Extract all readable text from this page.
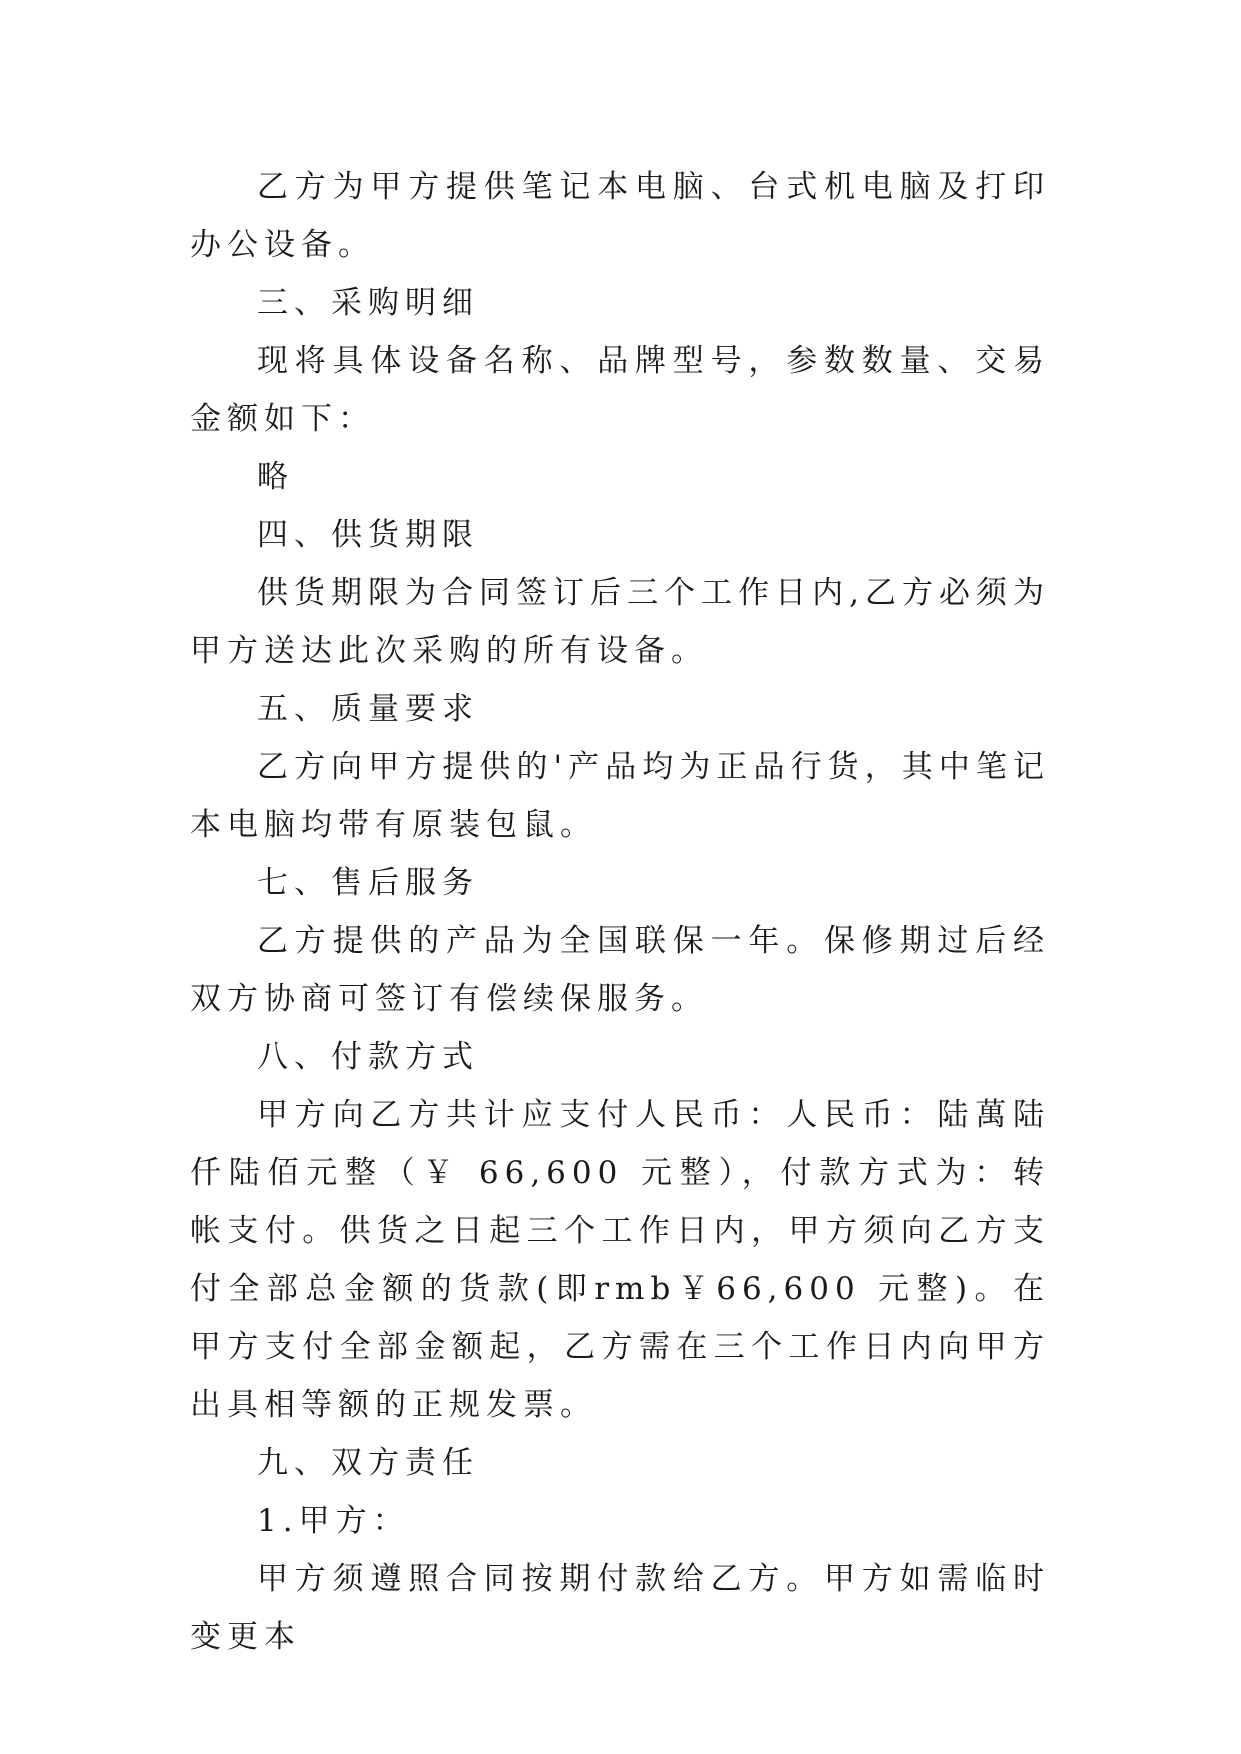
乙方为甲方提供笔记本电脑、台式机电脑及打印办公设备。

三、采购明细

现将具体设备名称、品牌型号，参数数量、交易金额如下：

略

四、供货期限

供货期限为合同签订后三个工作日内,乙方必须为甲方送达此次采购的所有设备。

五、质量要求

乙方向甲方提供的'产品均为正品行货，其中笔记本电脑均带有原装包鼠。

七、售后服务

乙方提供的产品为全国联保一年。保修期过后经双方协商可签订有偿续保服务。

八、付款方式

甲方向乙方共计应支付人民币：人民币：陆萬陆仟陆佰元整（￥ 66,600 元整），付款方式为：转帐支付。供货之日起三个工作日内，甲方须向乙方支付全部总金额的货款(即rmb￥66,600 元整)。在甲方支付全部金额起，乙方需在三个工作日内向甲方出具相等额的正规发票。

九、双方责任

1.甲方：

甲方须遵照合同按期付款给乙方。甲方如需临时变更本
